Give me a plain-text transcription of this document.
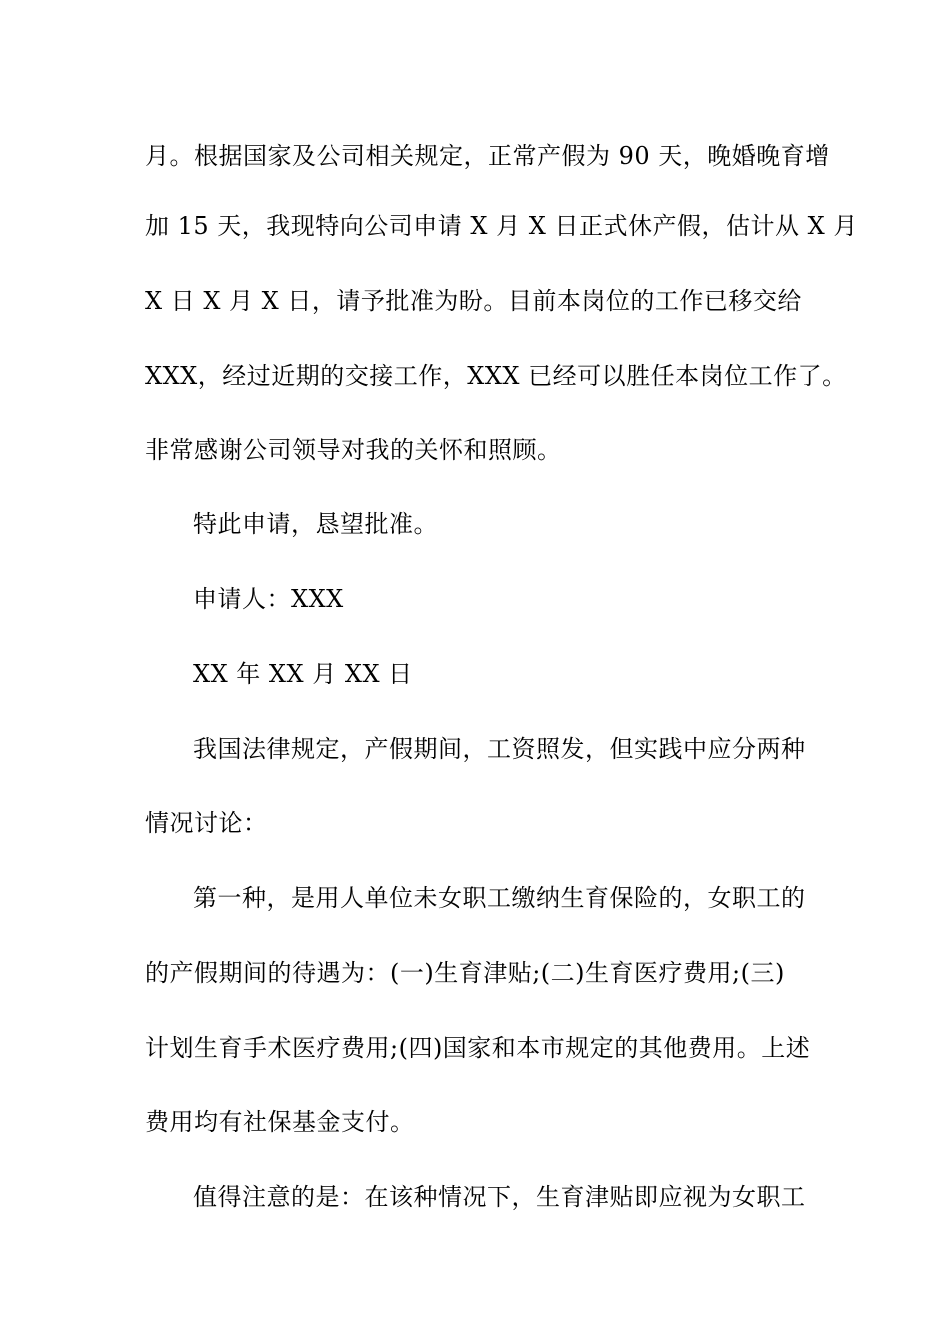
月。根据国家及公司相关规定，正常产假为 90 天，晚婚晚育增
加 15 天，我现特向公司申请 X 月 X 日正式休产假，估计从 X 月
X 日 X 月 X 日，请予批准为盼。目前本岗位的工作已移交给
XXX，经过近期的交接工作，XXX 已经可以胜任本岗位工作了。
非常感谢公司领导对我的关怀和照顾。
特此申请，恳望批准。
申请人：XXX
XX 年 XX 月 XX 日
我国法律规定，产假期间，工资照发，但实践中应分两种
情况讨论：
第一种，是用人单位未女职工缴纳生育保险的，女职工的
的产假期间的待遇为：(一)生育津贴;(二)生育医疗费用;(三)
计划生育手术医疗费用;(四)国家和本市规定的其他费用。上述
费用均有社保基金支付。
值得注意的是：在该种情况下，生育津贴即应视为女职工
